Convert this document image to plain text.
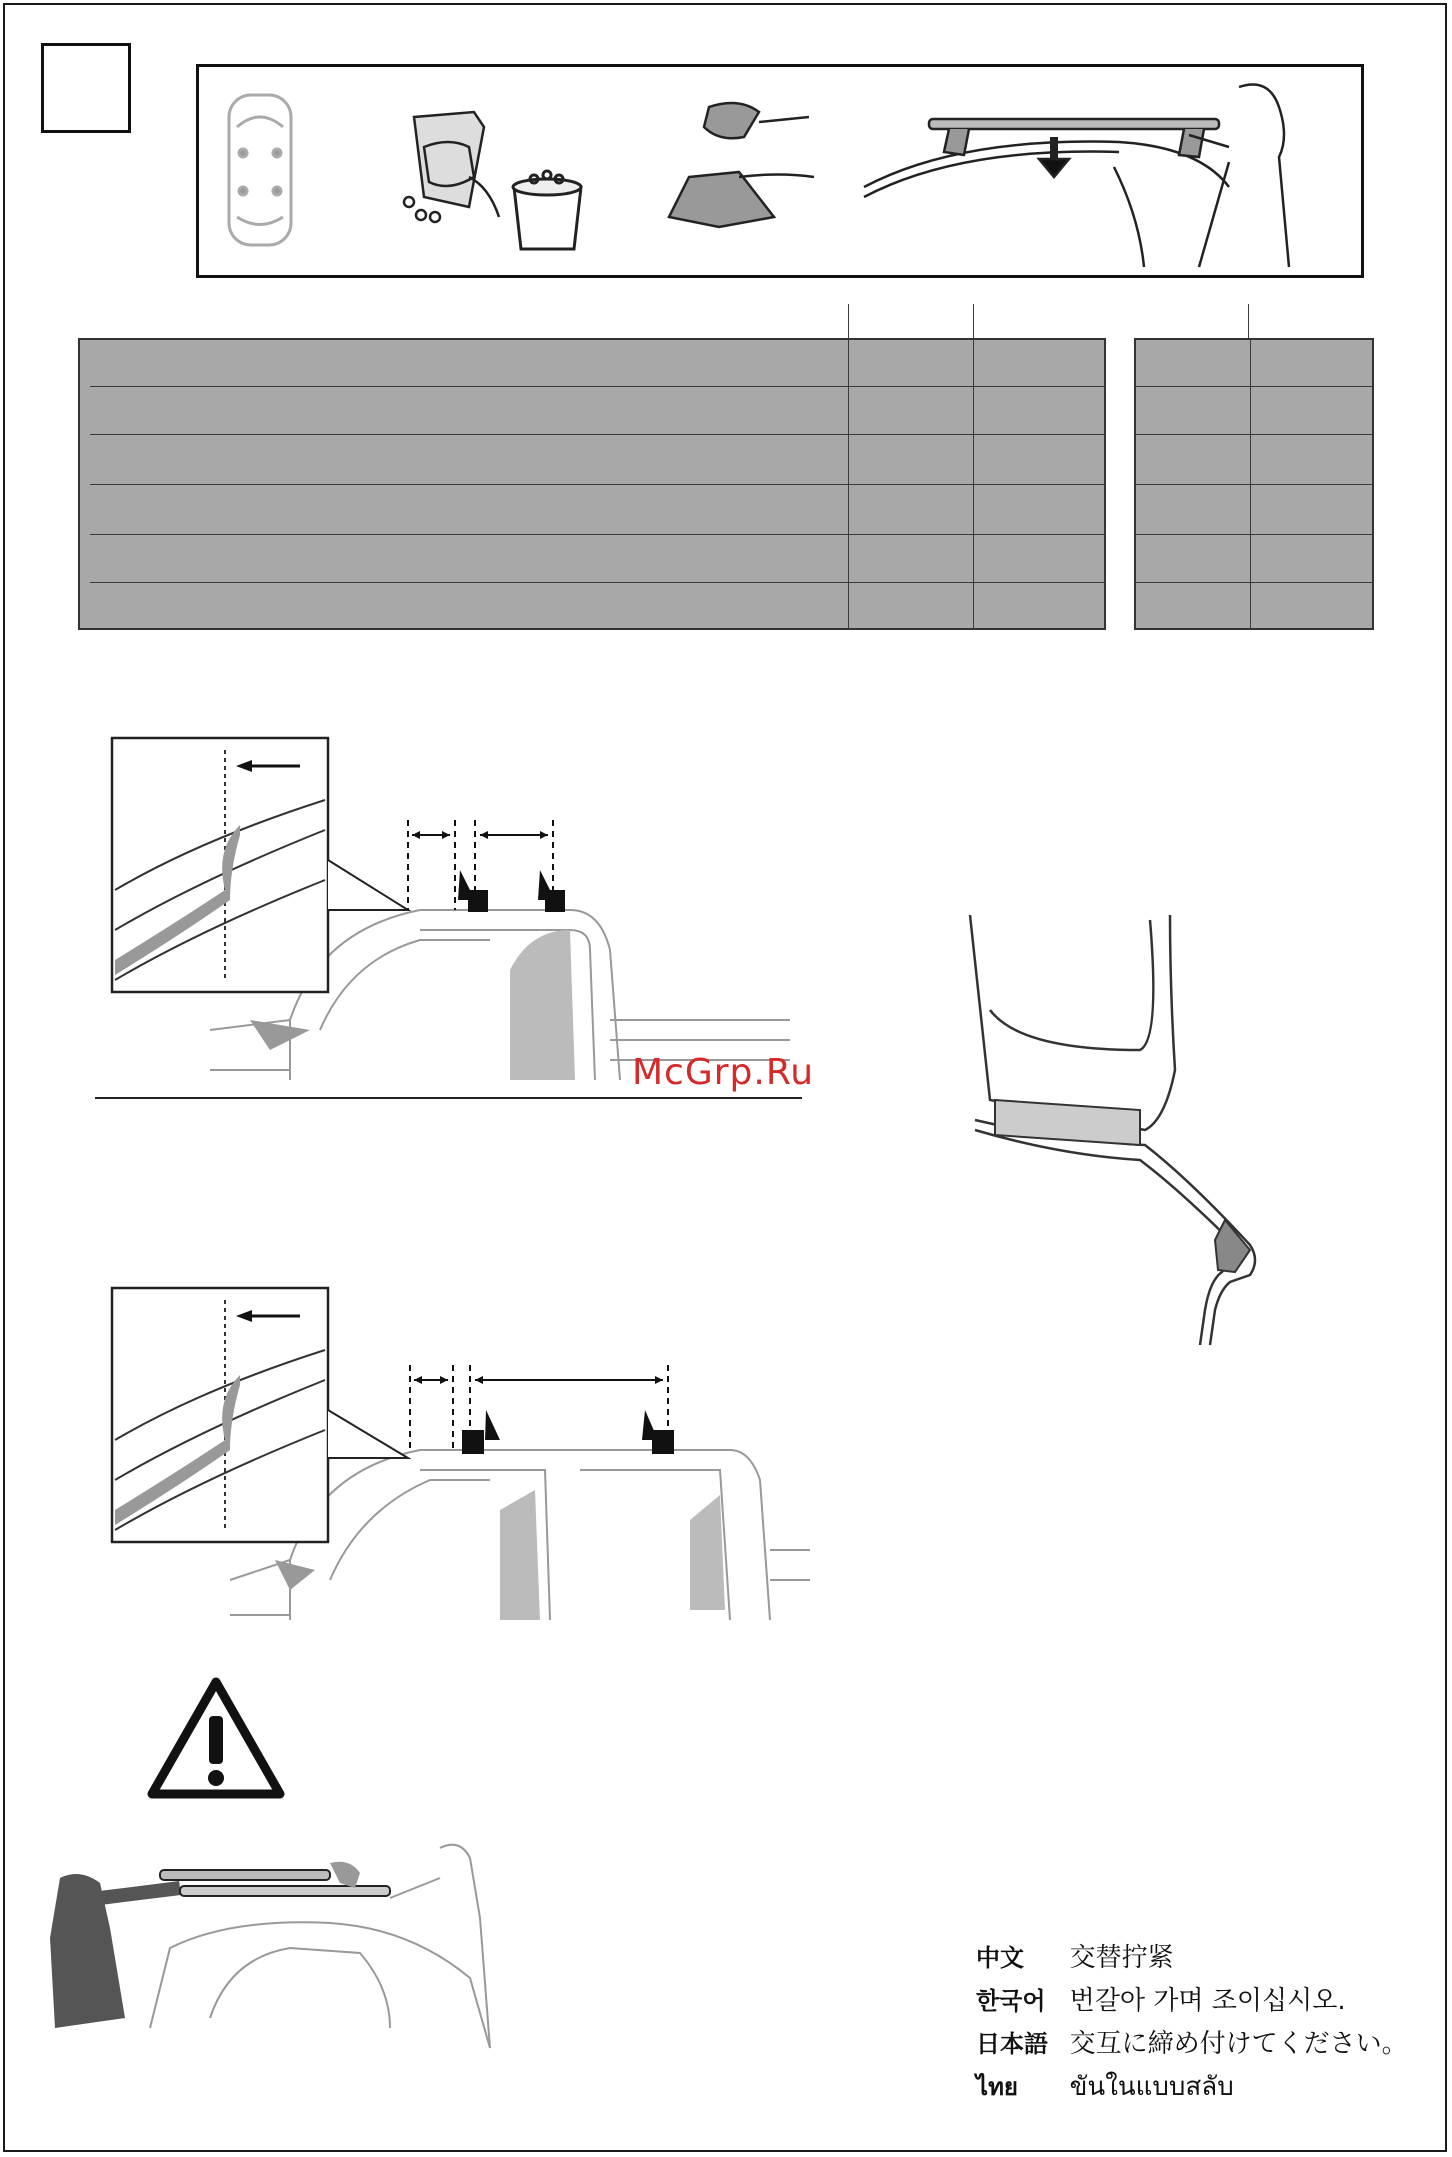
McGrp.Ru
中文 交替拧紧
한국어 번갈아 가며 조이십시오.
日本語 交互に締め付けてください。
ไทย ขันในแบบสลับ
